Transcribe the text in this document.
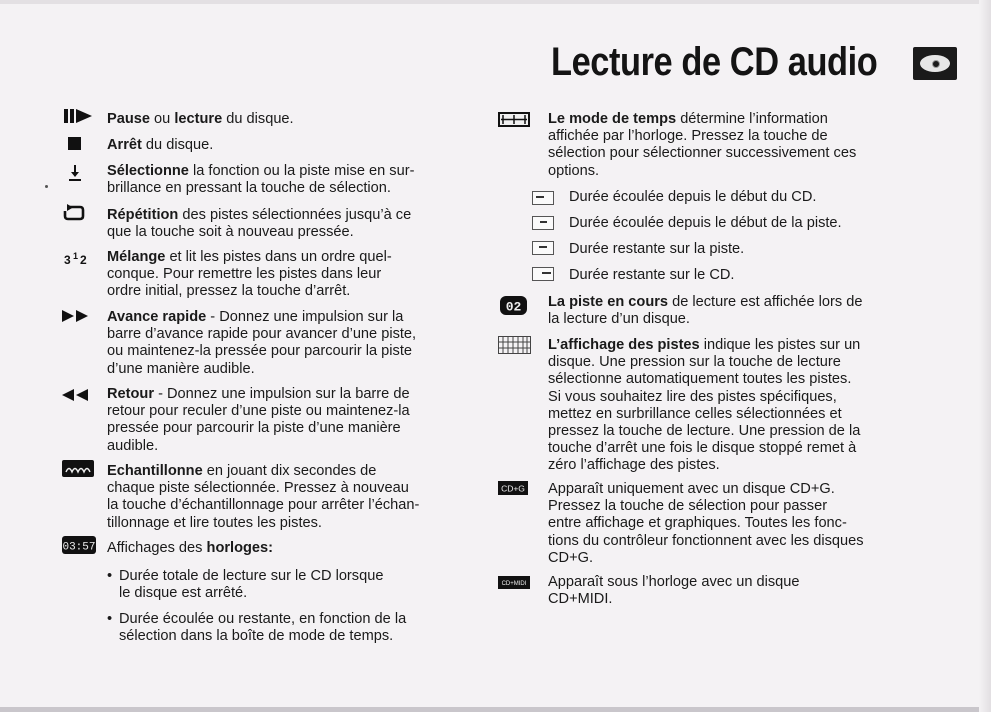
Lecture de CD audio
3 1 2
03:57
Pause ou lecture du disque.
Arrêt du disque.
Sélectionne la fonction ou la piste mise en sur-
brillance en pressant la touche de sélection.
Répétition des pistes sélectionnées jusqu’à ce
que la touche soit à nouveau pressée.
Mélange et lit les pistes dans un ordre quel-
conque. Pour remettre les pistes dans leur
ordre initial, pressez la touche d’arrêt.
Avance rapide - Donnez une impulsion sur la
barre d’avance rapide pour avancer d’une piste,
ou maintenez-la pressée pour parcourir la piste
d’une manière audible.
Retour - Donnez une impulsion sur la barre de
retour pour reculer d’une piste ou maintenez-la
pressée pour parcourir la piste d’une manière
audible.
Echantillonne en jouant dix secondes de
chaque piste sélectionnée. Pressez à nouveau
la touche d’échantillonnage pour arrêter l’échan-
tillonnage et lire toutes les pistes.
Affichages des horloges:
• Durée totale de lecture sur le CD lorsque
le disque est arrêté.
• Durée écoulée ou restante, en fonction de la
sélection dans la boîte de mode de temps.
02
CD+G
CD+MIDI
Le mode de temps détermine l’information
affichée par l’horloge. Pressez la touche de
sélection pour sélectionner successivement ces
options.
Durée écoulée depuis le début du CD.
Durée écoulée depuis le début de la piste.
Durée restante sur la piste.
Durée restante sur le CD.
La piste en cours de lecture est affichée lors de
la lecture d’un disque.
L’affichage des pistes indique les pistes sur un
disque. Une pression sur la touche de lecture
sélectionne automatiquement toutes les pistes.
Si vous souhaitez lire des pistes spécifiques,
mettez en surbrillance celles sélectionnées et
pressez la touche de lecture. Une pression de la
touche d’arrêt une fois le disque stoppé remet à
zéro l’affichage des pistes.
Apparaît uniquement avec un disque CD+G.
Pressez la touche de sélection pour passer
entre affichage et graphiques. Toutes les fonc-
tions du contrôleur fonctionnent avec les disques
CD+G.
Apparaît sous l’horloge avec un disque
CD+MIDI.
